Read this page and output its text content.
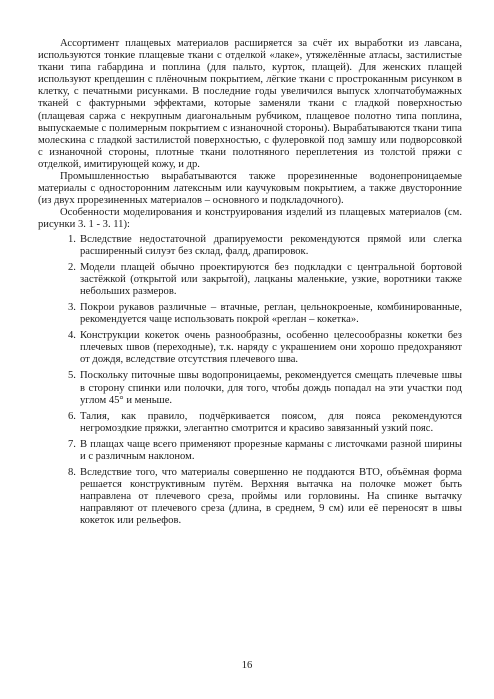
Ассортимент плащевых материалов расширяется за счёт их выработки из лавсана, используются тонкие плащевые ткани с отделкой «лаке», утяжелённые атласы, застилистые ткани типа габардина и поплина (для пальто, курток, плащей). Для женских плащей используют крепдешин с плёночным покрытием, лёгкие ткани с простроканным рисунком в клетку, с печатными рисунками. В последние годы увеличился выпуск хлопчатобумажных тканей с фактурными эффектами, которые заменяли ткани с гладкой поверхностью (плащевая саржа с некрупным диагональным рубчиком, плащевое полотно типа поплина, выпускаемые с полимерным покрытием с изнаночной стороны). Вырабатываются ткани типа молескина с гладкой застилистой поверхностью, с фулеровкой под замшу или подворсовкой с изнаночной стороны, плотные ткани полотняного переплетения из толстой пряжи с отделкой, имитирующей кожу, и др.

Промышленностью вырабатываются также прорезиненные водонепроницаемые материалы с односторонним латексным или каучуковым покрытием, а также двусторонние (из двух прорезиненных материалов – основного и подкладочного).

Особенности моделирования и конструирования изделий из плащевых материалов (см. рисунки 3. 1 - 3. 11):

1. Вследствие недостаточной драпируемости рекомендуются прямой или слегка расширенный силуэт без склад, фалд, драпировок.
2. Модели плащей обычно проектируются без подкладки с центральной бортовой застёжкой (открытой или закрытой), лацканы маленькие, узкие, воротники также небольших размеров.
3. Покрои рукавов различные – втачные, реглан, цельнокроеные, комбинированные, рекомендуется чаще использовать покрой «реглан – кокетка».
4. Конструкции кокеток очень разнообразны, особенно целесообразны кокетки без плечевых швов (переходные), т.к. наряду с украшением они хорошо предохраняют от дождя, вследствие отсутствия плечевого шва.
5. Поскольку питочные швы водопроницаемы, рекомендуется смещать плечевые швы в сторону спинки или полочки, для того, чтобы дождь попадал на эти участки под углом 45° и меньше.
6. Талия, как правило, подчёркивается поясом, для пояса рекомендуются негромоздкие пряжки, элегантно смотрится и красиво завязанный узкий пояс.
7. В плащах чаще всего применяют прорезные карманы с листочками разной ширины и с различным наклоном.
8. Вследствие того, что материалы совершенно не поддаются ВТО, объёмная форма решается конструктивным путём. Верхняя вытачка на полочке может быть направлена от плечевого среза, проймы или горловины. На спинке вытачку направляют от плечевого среза (длина, в среднем, 9 см) или её переносят в швы кокеток или рельефов.
16
